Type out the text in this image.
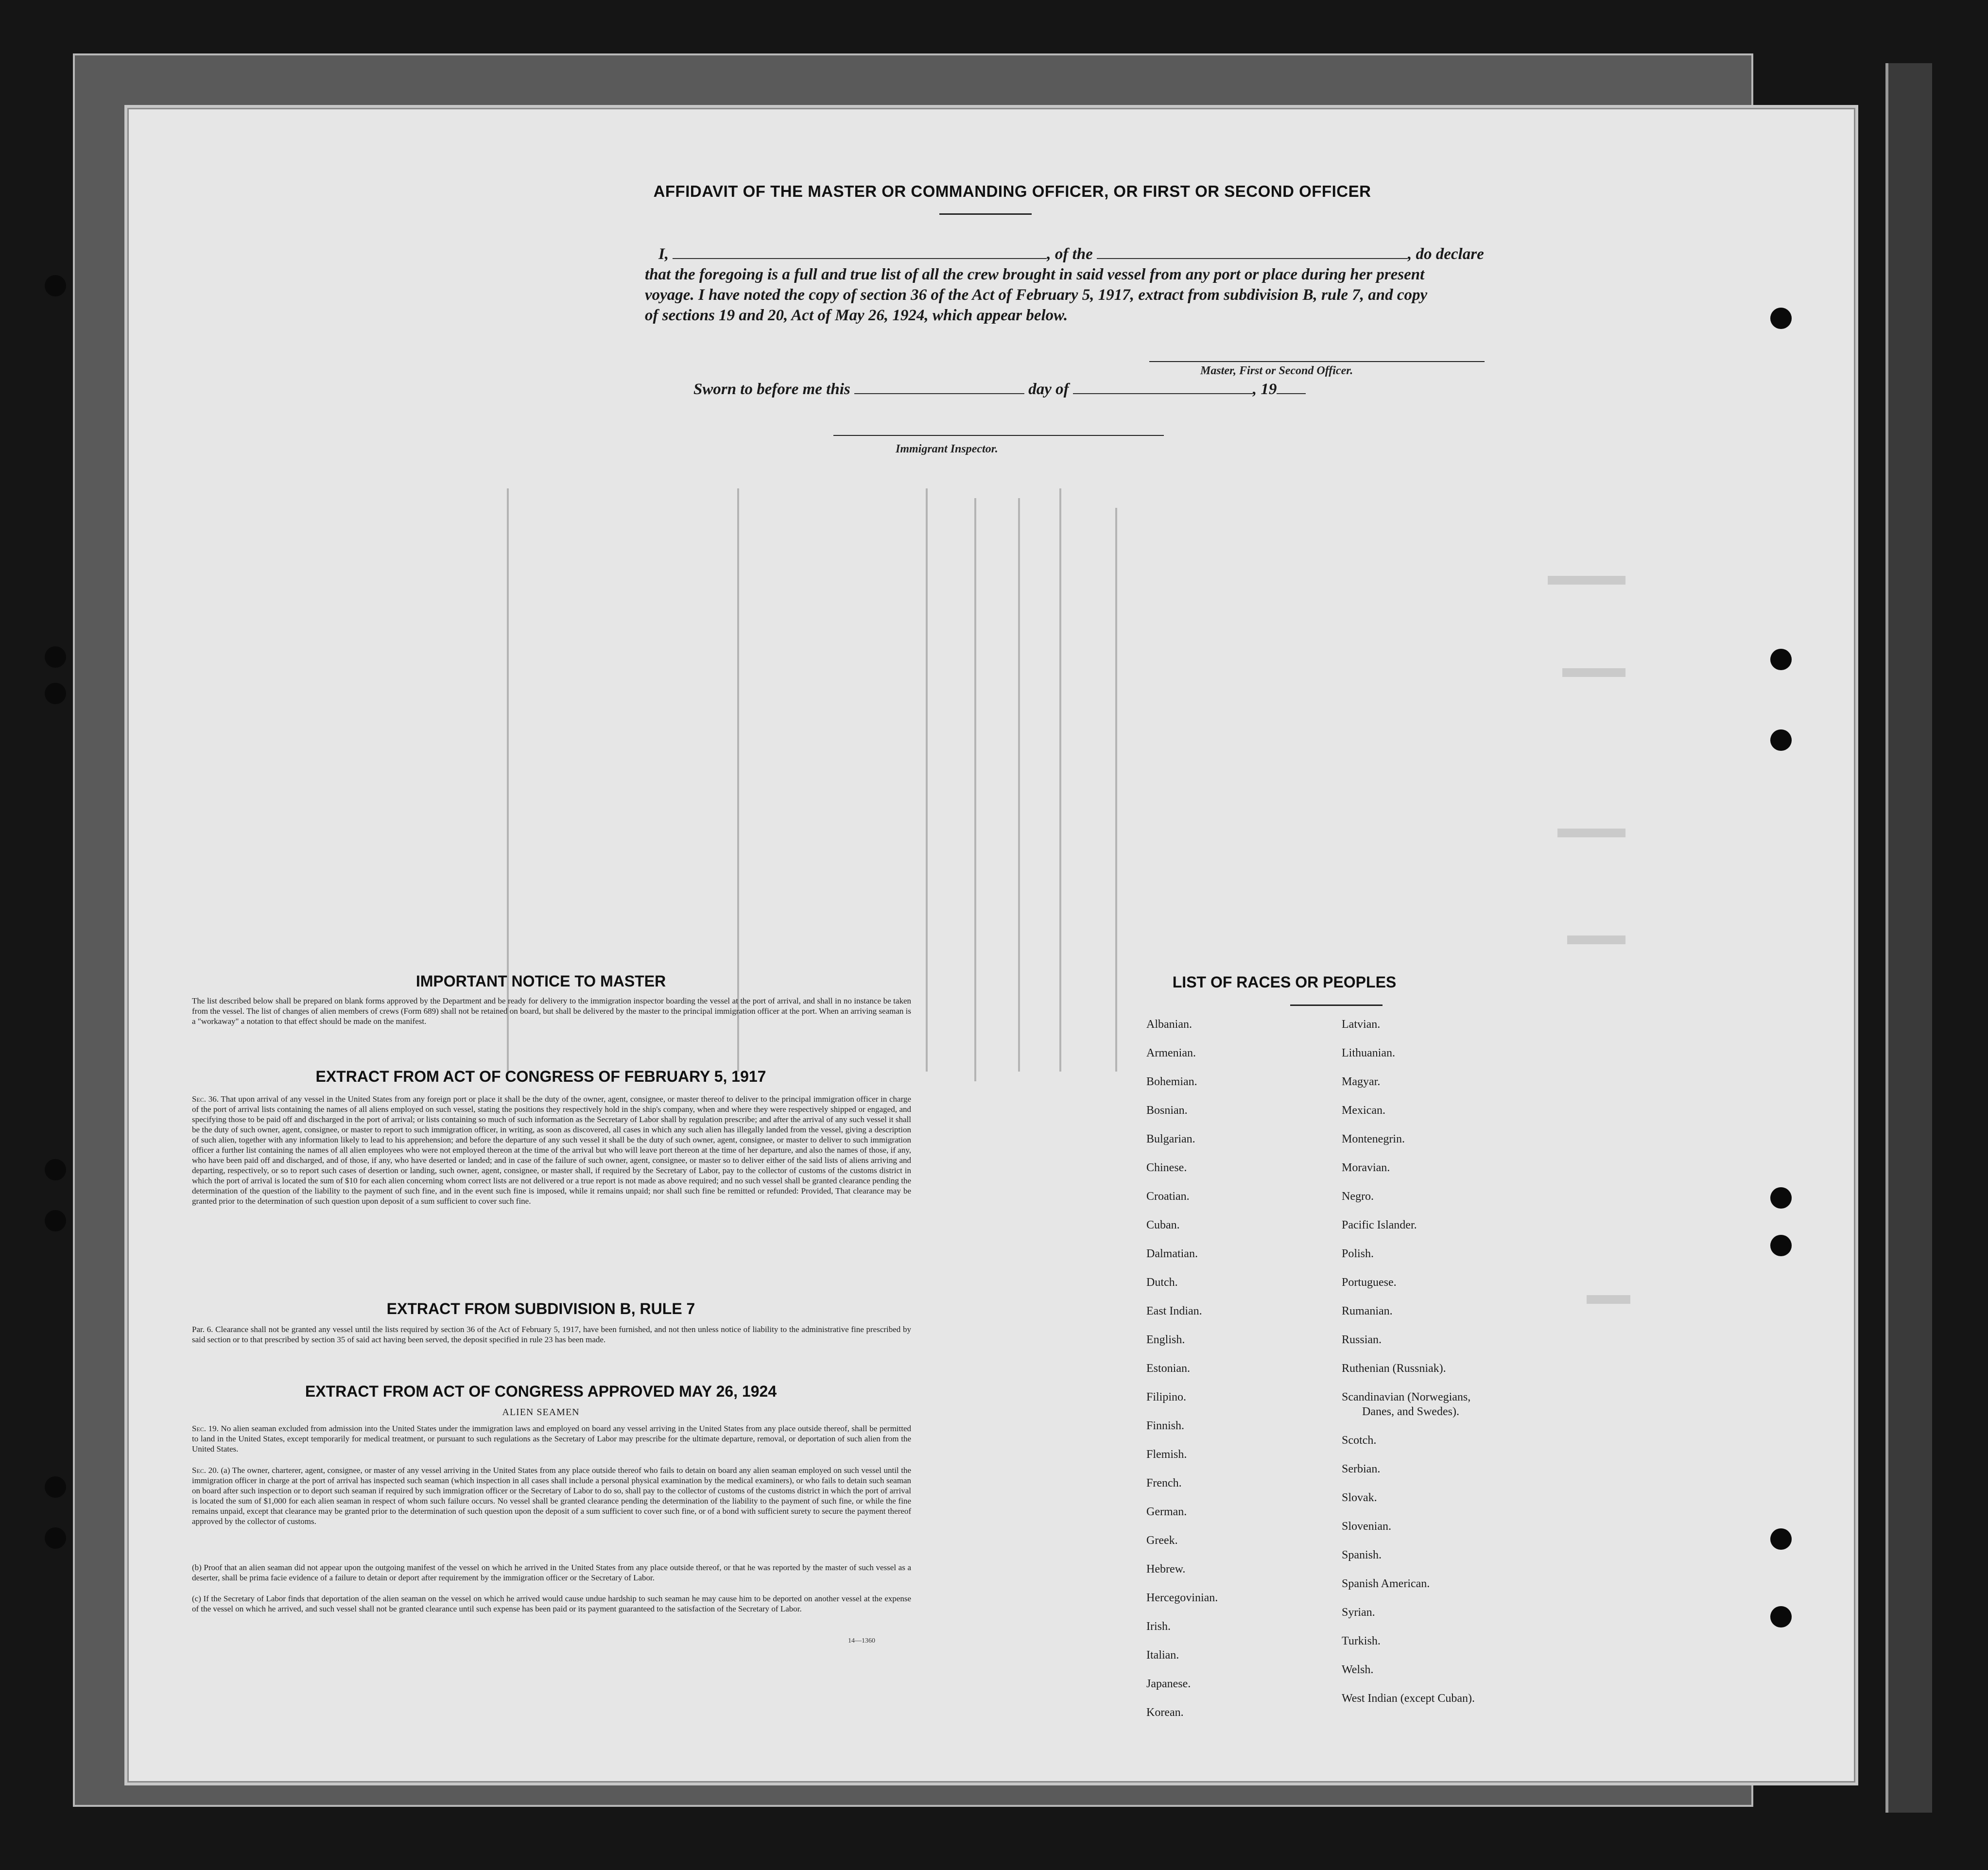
AFFIDAVIT OF THE MASTER OR COMMANDING OFFICER, OR FIRST OR SECOND OFFICER
I,	, of the	, do declare
that the foregoing is a full and true list of all the crew brought in said vessel from any port or place during her present
voyage. I have noted the copy of section 36 of the Act of February 5, 1917, extract from subdivision B, rule 7, and copy
of sections 19 and 20, Act of May 26, 1924, which appear below.
Master, First or Second Officer.
Sworn to before me this	day of	, 19
Immigrant Inspector.
IMPORTANT NOTICE TO MASTER
The list described below shall be prepared on blank forms approved by the Department and be ready for delivery to the immigration inspector boarding the vessel at the port of arrival, and shall in no instance be taken from the vessel. The list of changes of alien members of crews (Form 689) shall not be retained on board, but shall be delivered by the master to the principal immigration officer at the port. When an arriving seaman is a "workaway" a notation to that effect should be made on the manifest.
EXTRACT FROM ACT OF CONGRESS OF FEBRUARY 5, 1917
Sec. 36. That upon arrival of any vessel in the United States from any foreign port or place it shall be the duty of the owner, agent, consignee, or master thereof to deliver to the principal immigration officer in charge of the port of arrival lists containing the names of all aliens employed on such vessel, stating the positions they respectively hold in the ship's company, when and where they were respectively shipped or engaged, and specifying those to be paid off and discharged in the port of arrival; or lists containing so much of such information as the Secretary of Labor shall by regulation prescribe; and after the arrival of any such vessel it shall be the duty of such owner, agent, consignee, or master to report to such immigration officer, in writing, as soon as discovered, all cases in which any such alien has illegally landed from the vessel, giving a description of such alien, together with any information likely to lead to his apprehension; and before the departure of any such vessel it shall be the duty of such owner, agent, consignee, or master to deliver to such immigration officer a further list containing the names of all alien employees who were not employed thereon at the time of the arrival but who will leave port thereon at the time of her departure, and also the names of those, if any, who have been paid off and discharged, and of those, if any, who have deserted or landed; and in case of the failure of such owner, agent, consignee, or master so to deliver either of the said lists of aliens arriving and departing, respectively, or so to report such cases of desertion or landing, such owner, agent, consignee, or master shall, if required by the Secretary of Labor, pay to the collector of customs of the customs district in which the port of arrival is located the sum of $10 for each alien concerning whom correct lists are not delivered or a true report is not made as above required; and no such vessel shall be granted clearance pending the determination of the question of the liability to the payment of such fine, and in the event such fine is imposed, while it remains unpaid; nor shall such fine be remitted or refunded: Provided, That clearance may be granted prior to the determination of such question upon deposit of a sum sufficient to cover such fine.
EXTRACT FROM SUBDIVISION B, RULE 7
Par. 6. Clearance shall not be granted any vessel until the lists required by section 36 of the Act of February 5, 1917, have been furnished, and not then unless notice of liability to the administrative fine prescribed by said section or to that prescribed by section 35 of said act having been served, the deposit specified in rule 23 has been made.
EXTRACT FROM ACT OF CONGRESS APPROVED MAY 26, 1924
ALIEN SEAMEN
Sec. 19. No alien seaman excluded from admission into the United States under the immigration laws and employed on board any vessel arriving in the United States from any place outside thereof, shall be permitted to land in the United States, except temporarily for medical treatment, or pursuant to such regulations as the Secretary of Labor may prescribe for the ultimate departure, removal, or deportation of such alien from the United States.
Sec. 20. (a) The owner, charterer, agent, consignee, or master of any vessel arriving in the United States from any place outside thereof who fails to detain on board any alien seaman employed on such vessel until the immigration officer in charge at the port of arrival has inspected such seaman (which inspection in all cases shall include a personal physical examination by the medical examiners), or who fails to detain such seaman on board after such inspection or to deport such seaman if required by such immigration officer or the Secretary of Labor to do so, shall pay to the collector of customs of the customs district in which the port of arrival is located the sum of $1,000 for each alien seaman in respect of whom such failure occurs. No vessel shall be granted clearance pending the determination of the liability to the payment of such fine, or while the fine remains unpaid, except that clearance may be granted prior to the determination of such question upon the deposit of a sum sufficient to cover such fine, or of a bond with sufficient surety to secure the payment thereof approved by the collector of customs.
(b) Proof that an alien seaman did not appear upon the outgoing manifest of the vessel on which he arrived in the United States from any place outside thereof, or that he was reported by the master of such vessel as a deserter, shall be prima facie evidence of a failure to detain or deport after requirement by the immigration officer or the Secretary of Labor.
(c) If the Secretary of Labor finds that deportation of the alien seaman on the vessel on which he arrived would cause undue hardship to such seaman he may cause him to be deported on another vessel at the expense of the vessel on which he arrived, and such vessel shall not be granted clearance until such expense has been paid or its payment guaranteed to the satisfaction of the Secretary of Labor.
14—1360
LIST OF RACES OR PEOPLES
Albanian.
Armenian.
Bohemian.
Bosnian.
Bulgarian.
Chinese.
Croatian.
Cuban.
Dalmatian.
Dutch.
East Indian.
English.
Estonian.
Filipino.
Finnish.
Flemish.
French.
German.
Greek.
Hebrew.
Hercegovinian.
Irish.
Italian.
Japanese.
Korean.
Latvian.
Lithuanian.
Magyar.
Mexican.
Montenegrin.
Moravian.
Negro.
Pacific Islander.
Polish.
Portuguese.
Rumanian.
Russian.
Ruthenian (Russniak).
Scandinavian (Norwegians,
Danes, and Swedes).
Scotch.
Serbian.
Slovak.
Slovenian.
Spanish.
Spanish American.
Syrian.
Turkish.
Welsh.
West Indian (except Cuban).
